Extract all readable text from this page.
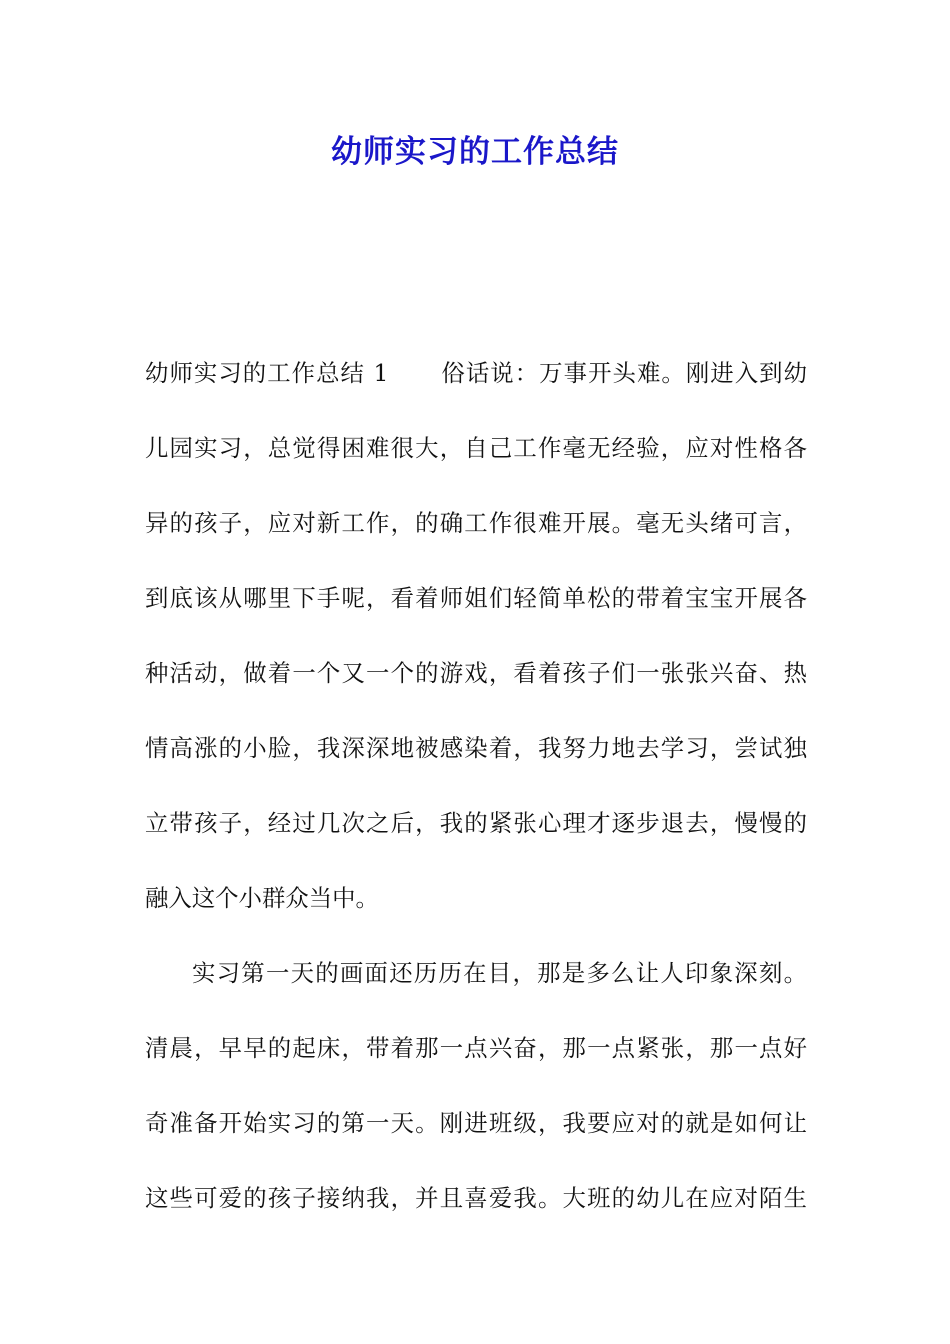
幼师实习的工作总结
幼师实习的工作总结 1 俗话说：万事开头难。刚进入到幼
儿园实习，总觉得困难很大，自己工作毫无经验，应对性格各
异的孩子，应对新工作，的确工作很难开展。毫无头绪可言，
到底该从哪里下手呢，看着师姐们轻简单松的带着宝宝开展各
种活动，做着一个又一个的游戏，看着孩子们一张张兴奋、热
情高涨的小脸，我深深地被感染着，我努力地去学习，尝试独
立带孩子，经过几次之后，我的紧张心理才逐步退去，慢慢的
融入这个小群众当中。
实习第一天的画面还历历在目，那是多么让人印象深刻。
清晨，早早的起床，带着那一点兴奋，那一点紧张，那一点好
奇准备开始实习的第一天。刚进班级，我要应对的就是如何让
这些可爱的孩子接纳我，并且喜爱我。大班的幼儿在应对陌生
